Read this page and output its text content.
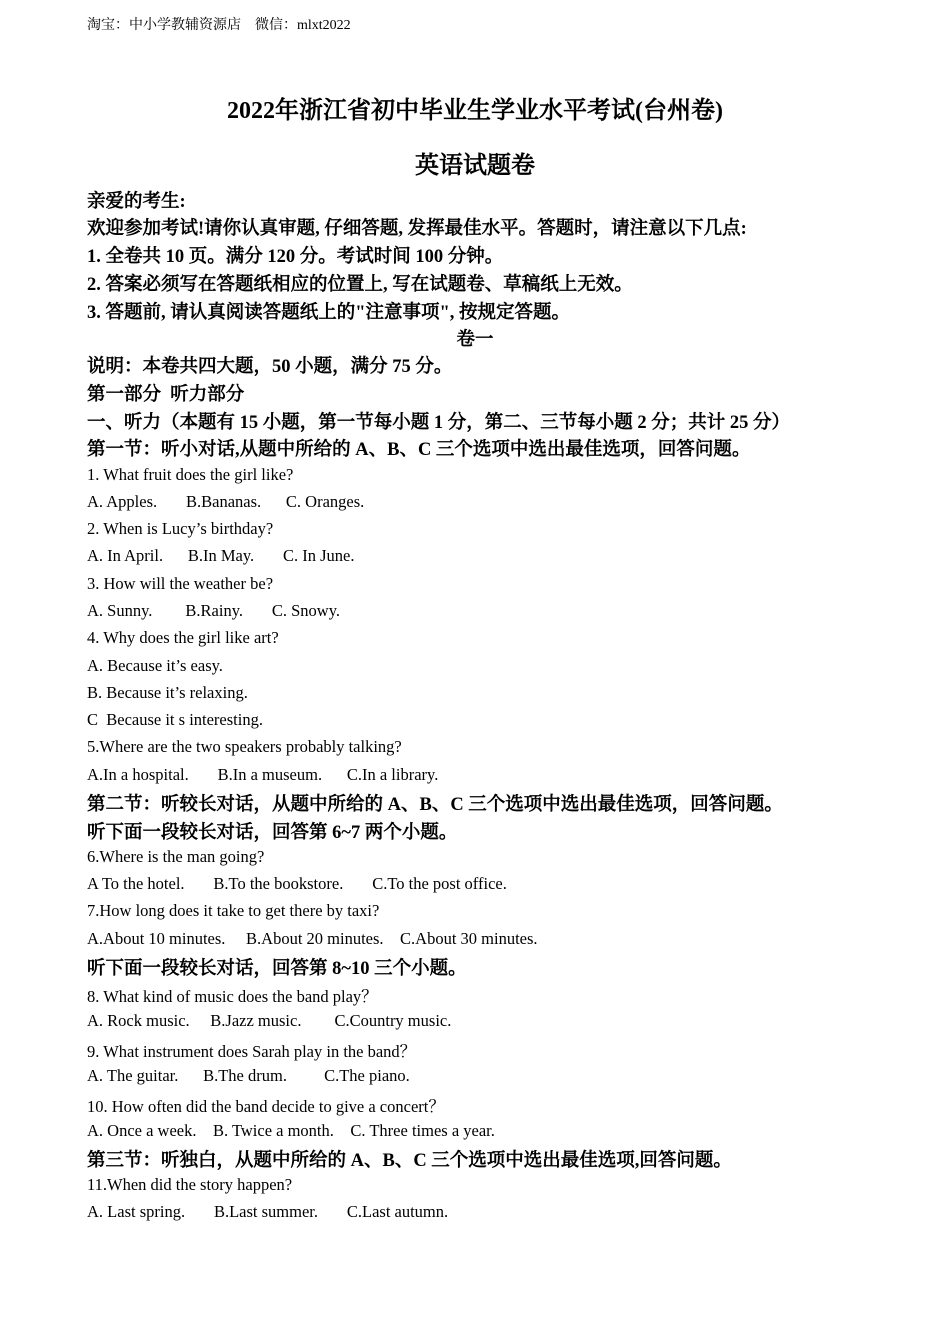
淘宝：中小学教辅资源店　微信：mlxt2022
2022年浙江省初中毕业生学业水平考试(台州卷)
英语试题卷
亲爱的考生:
欢迎参加考试!请你认真审题, 仔细答题, 发挥最佳水平。答题时，请注意以下几点:
1. 全卷共 10 页。满分 120 分。考试时间 100 分钟。
2. 答案必须写在答题纸相应的位置上, 写在试题卷、草稿纸上无效。
3. 答题前, 请认真阅读答题纸上的"注意事项", 按规定答题。
卷一
说明：本卷共四大题，50 小题，满分 75 分。
第一部分  听力部分
一、听力（本题有 15 小题，第一节每小题 1 分，第二、三节每小题 2 分；共计 25 分）
第一节：听小对话,从题中所给的 A、B、C 三个选项中选出最佳选项，回答问题。
1. What fruit does the girl like?
A. Apples.       B.Bananas.      C. Oranges.
2. When is Lucy’s birthday?
A. In April.      B.In May.       C. In June.
3. How will the weather be?
A. Sunny.        B.Rainy.       C. Snowy.
4. Why does the girl like art?
A. Because it’s easy.
B. Because it’s relaxing.
C  Because it s interesting.
5.Where are the two speakers probably talking?
A.In a hospital.       B.In a museum.      C.In a library.
第二节：听较长对话，从题中所给的 A、B、C 三个选项中选出最佳选项，回答问题。
听下面一段较长对话，回答第 6~7 两个小题。
6.Where is the man going?
A To the hotel.       B.To the bookstore.       C.To the post office.
7.How long does it take to get there by taxi?
A.About 10 minutes.     B.About 20 minutes.    C.About 30 minutes.
听下面一段较长对话，回答第 8~10 三个小题。
8. What kind of music does the band play？
A. Rock music.     B.Jazz music.        C.Country music.
9. What instrument does Sarah play in the band？
A. The guitar.      B.The drum.         C.The piano.
10. How often did the band decide to give a concert？
A. Once a week.    B. Twice a month.    C. Three times a year.
第三节：听独白，从题中所给的 A、B、C 三个选项中选出最佳选项,回答问题。
11.When did the story happen?
A. Last spring.       B.Last summer.       C.Last autumn.
